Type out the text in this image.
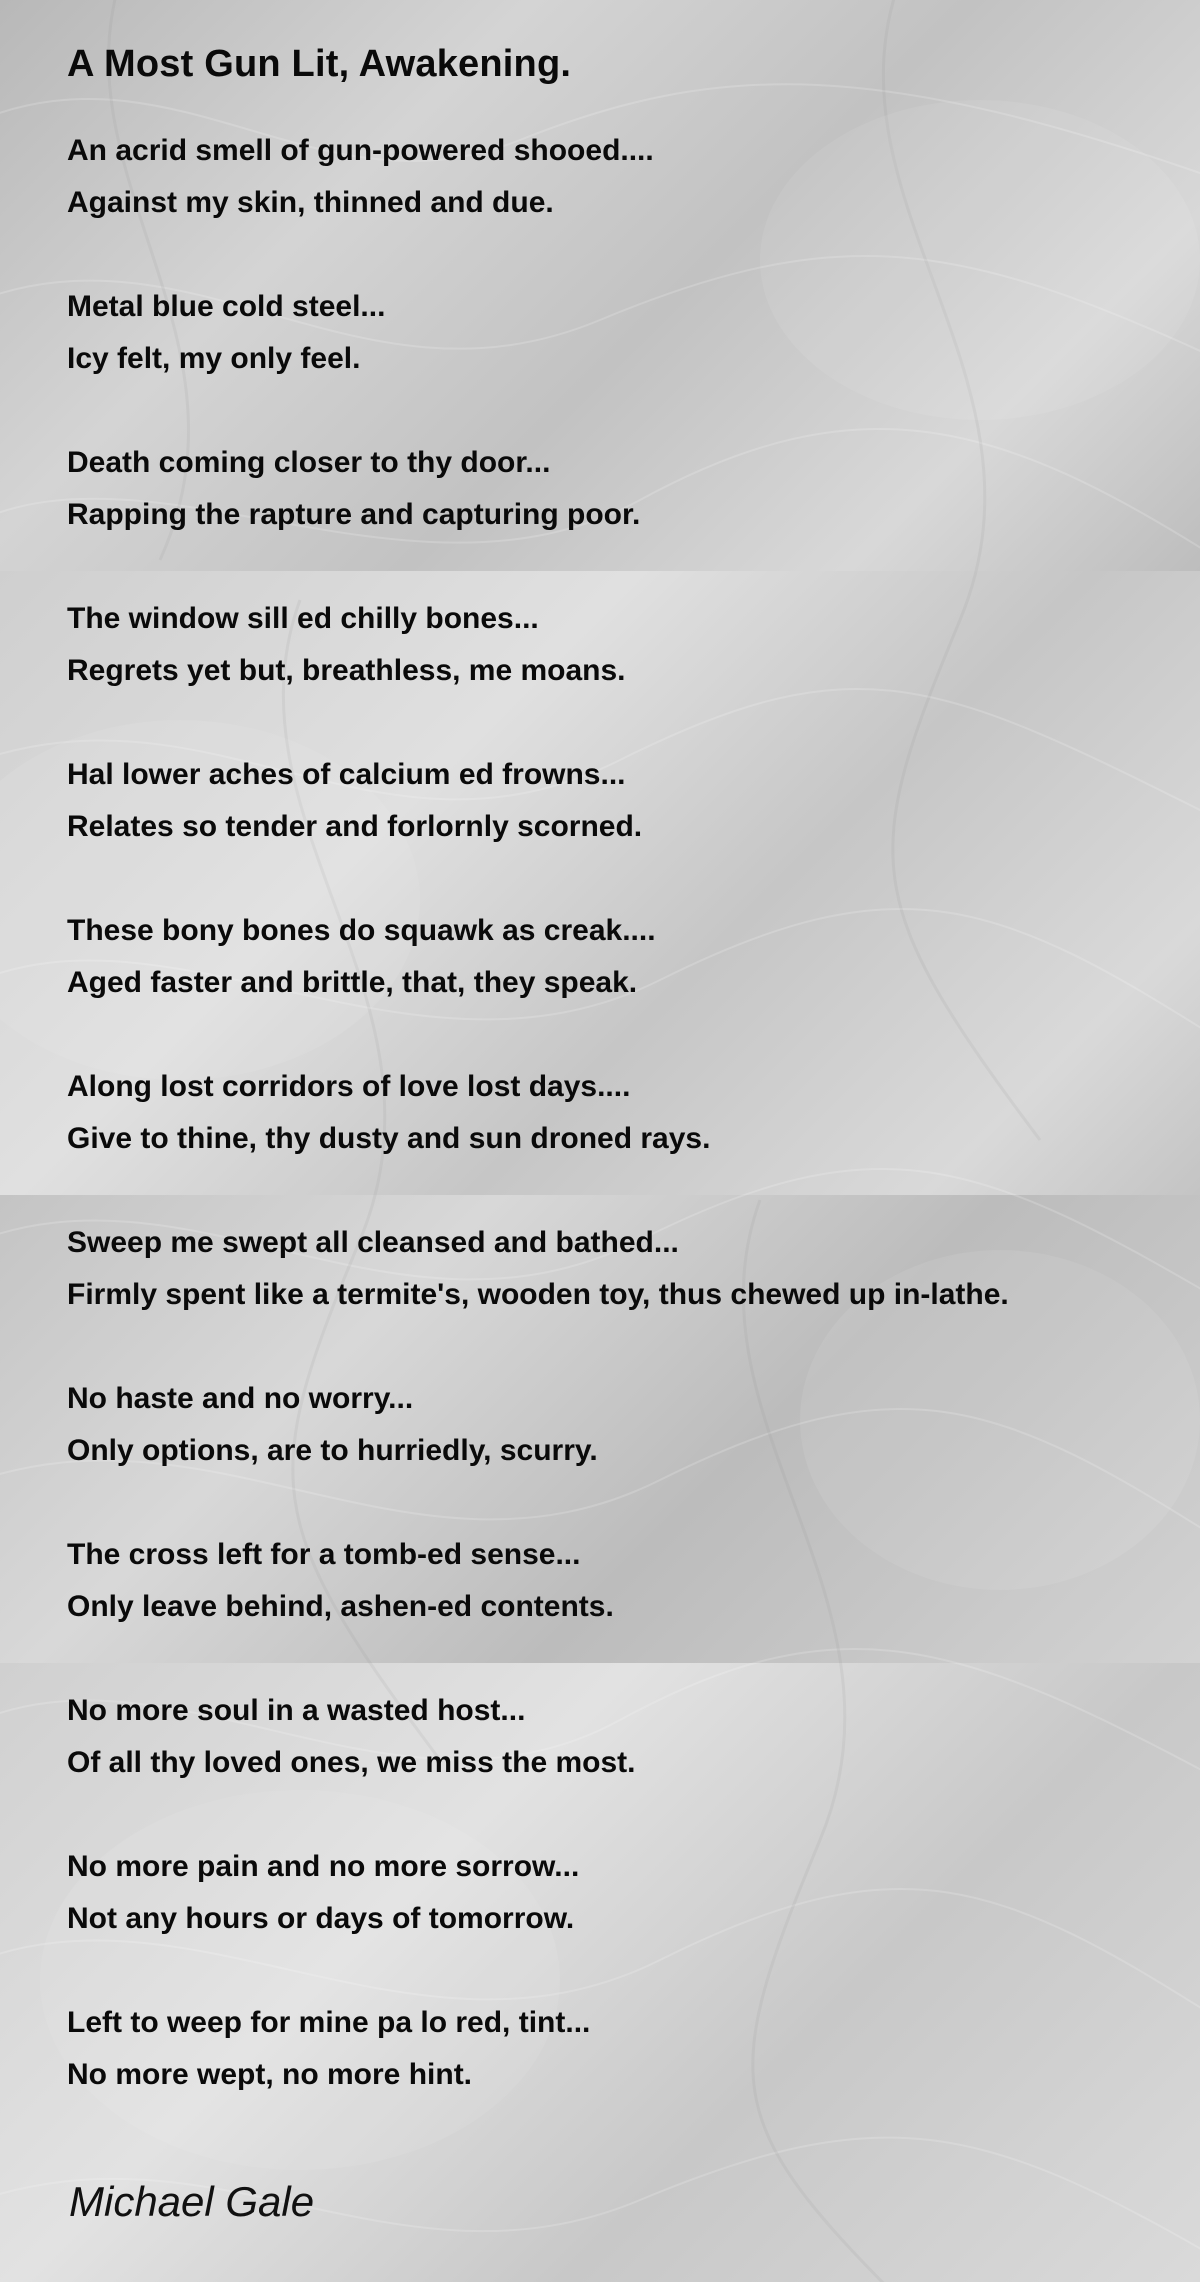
A Most Gun Lit, Awakening.
An acrid smell of gun-powered shooed....
Against my skin, thinned and due.
Metal blue cold steel...
Icy felt, my only feel.
Death coming closer to thy door...
Rapping the rapture and capturing poor.
The window sill ed chilly bones...
Regrets yet but, breathless, me moans.
Hal lower aches of calcium ed frowns...
Relates so tender and forlornly scorned.
These bony bones do squawk as creak....
Aged faster and brittle, that, they speak.
Along lost corridors of love lost days....
Give to thine, thy dusty and sun droned rays.
Sweep me swept all cleansed and bathed...
Firmly spent like a termite's, wooden toy, thus chewed up in-lathe.
No haste and no worry...
Only options, are to hurriedly, scurry.
The cross left for a tomb-ed sense...
Only leave behind, ashen-ed contents.
No more soul in a wasted host...
Of all thy loved ones, we miss the most.
No more pain and no more sorrow...
Not any hours or days of tomorrow.
Left to weep for mine pa lo red, tint...
No more wept, no more hint.
Michael Gale
